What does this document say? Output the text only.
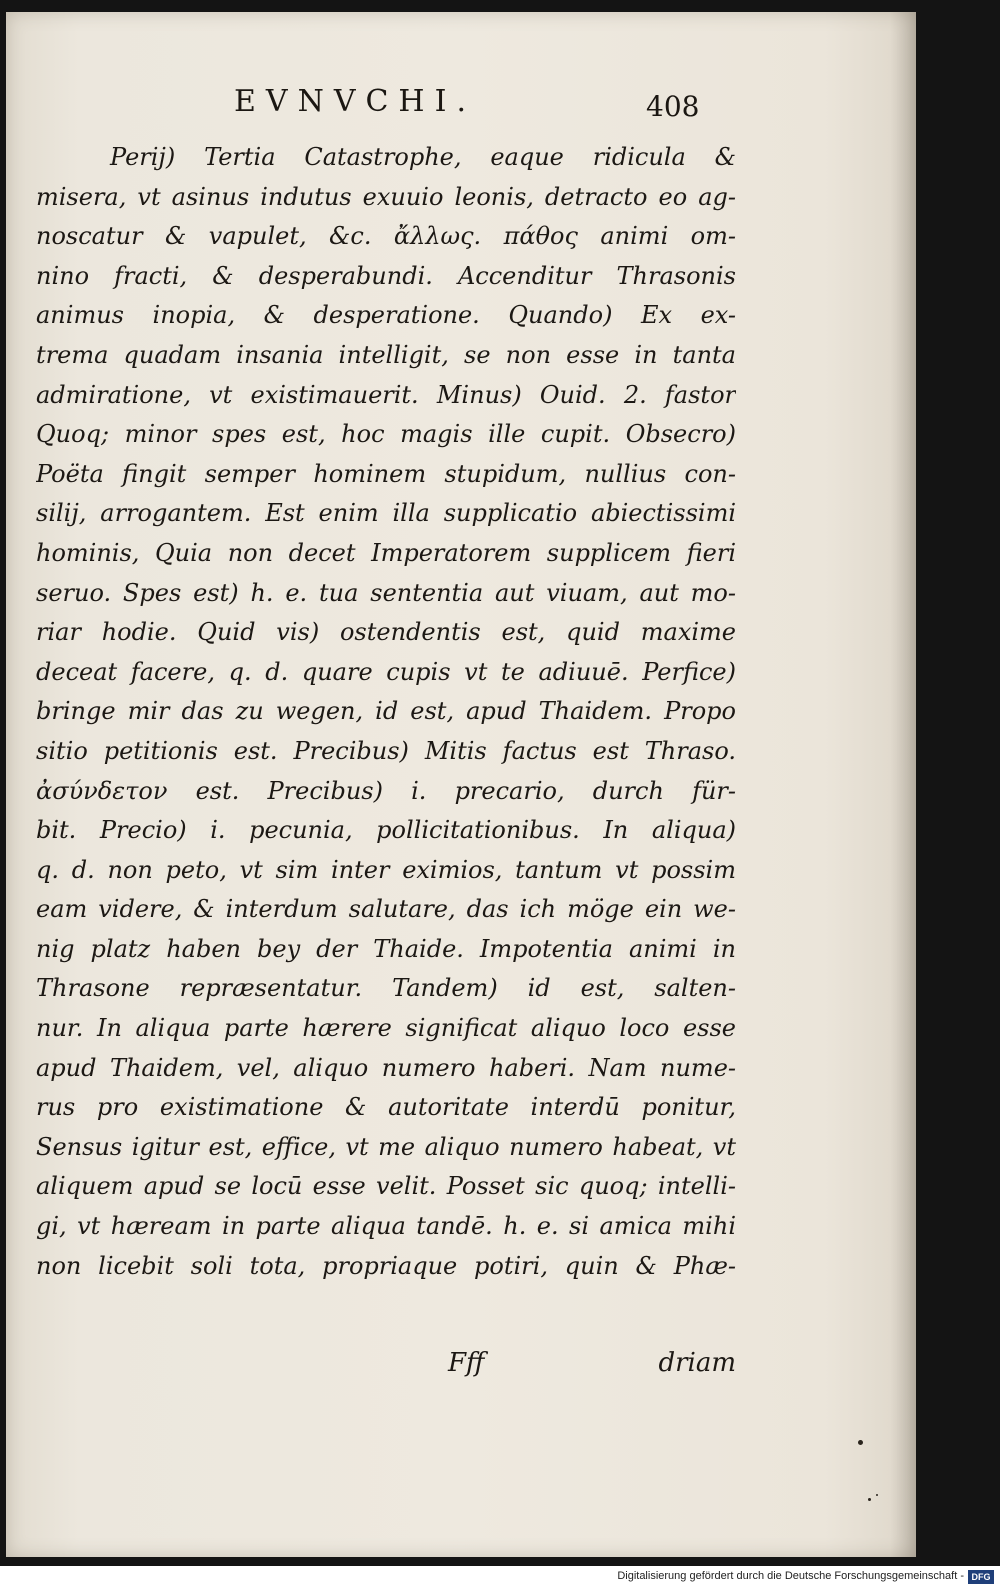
EVNVCHI.	408
Perij) Tertia Catastrophe, eaque ridicula &
misera, vt asinus indutus exuuio leonis, detracto eo ag-
noscatur & vapulet, &c. ἄλλως. πάθος animi om-
nino fracti, & desperabundi. Accenditur Thrasonis
animus inopia, & desperatione. Quando) Ex ex-
trema quadam insania intelligit, se non esse in tanta
admiratione, vt existimauerit. Minus) Ouid. 2. fastor
Quoq; minor spes est, hoc magis ille cupit. Obsecro)
Poëta fingit semper hominem stupidum, nullius con-
silij, arrogantem. Est enim illa supplicatio abiectissimi
hominis, Quia non decet Imperatorem supplicem fieri
seruo. Spes est) h. e. tua sententia aut viuam, aut mo-
riar hodie. Quid vis) ostendentis est, quid maxime
deceat facere, q. d. quare cupis vt te adiuuē. Perfice)
bringe mir das zu wegen, id est, apud Thaidem. Propo
sitio petitionis est. Precibus) Mitis factus est Thraso.
ἀσύνδετον est. Precibus) i. precario, durch für-
bit. Precio) i. pecunia, pollicitationibus. In aliqua)
q. d. non peto, vt sim inter eximios, tantum vt possim
eam videre, & interdum salutare, das ich möge ein we-
nig platz haben bey der Thaide. Impotentia animi in
Thrasone repræsentatur. Tandem) id est, salten-
nur. In aliqua parte hærere significat aliquo loco esse
apud Thaidem, vel, aliquo numero haberi. Nam nume-
rus pro existimatione & autoritate interdū ponitur,
Sensus igitur est, effice, vt me aliquo numero habeat, vt
aliquem apud se locū esse velit. Posset sic quoq; intelli-
gi, vt hæream in parte aliqua tandē. h. e. si amica mihi
non licebit soli tota, propriaque potiri, quin & Phæ-
Fff	driam
Digitalisierung gefördert durch die Deutsche Forschungsgemeinschaft - DFG
